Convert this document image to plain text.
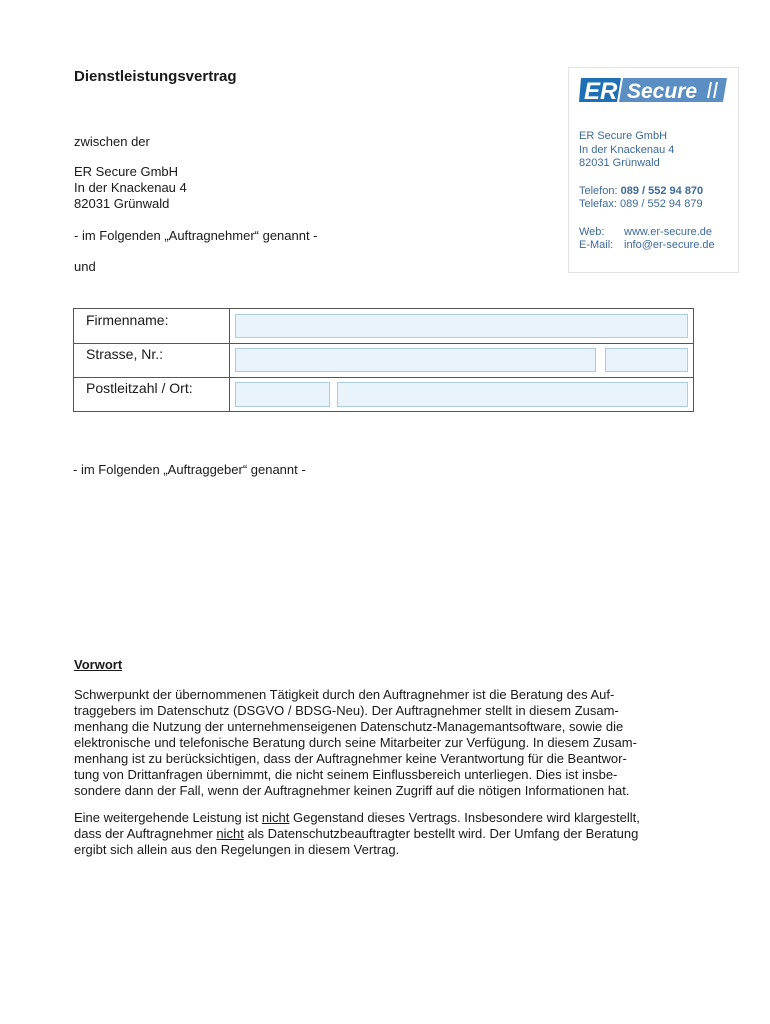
Dienstleistungsvertrag
zwischen der
ER Secure GmbH
In der Knackenau 4
82031 Grünwald
- im Folgenden „Auftragnehmer“ genannt -
und
ER Secure
ER Secure GmbH
In der Knackenau 4
82031 Grünwald
Telefon: 089 / 552 94 870
Telefax: 089 / 552 94 879
Web: www.er-secure.de
E-Mail: info@er-secure.de
Firmenname:
Strasse, Nr.:
Postleitzahl / Ort:
- im Folgenden „Auftraggeber“ genannt -
Vorwort
Schwerpunkt der übernommenen Tätigkeit durch den Auftragnehmer ist die Beratung des Auf-
traggebers im Datenschutz (DSGVO / BDSG-Neu). Der Auftragnehmer stellt in diesem Zusam-
menhang die Nutzung der unternehmenseigenen Datenschutz-Managemantsoftware, sowie die
elektronische und telefonische Beratung durch seine Mitarbeiter zur Verfügung. In diesem Zusam-
menhang ist zu berücksichtigen, dass der Auftragnehmer keine Verantwortung für die Beantwor-
tung von Drittanfragen übernimmt, die nicht seinem Einflussbereich unterliegen. Dies ist insbe-
sondere dann der Fall, wenn der Auftragnehmer keinen Zugriff auf die nötigen Informationen hat.
Eine weitergehende Leistung ist nicht Gegenstand dieses Vertrags. Insbesondere wird klargestellt,
dass der Auftragnehmer nicht als Datenschutzbeauftragter bestellt wird. Der Umfang der Beratung
ergibt sich allein aus den Regelungen in diesem Vertrag.
